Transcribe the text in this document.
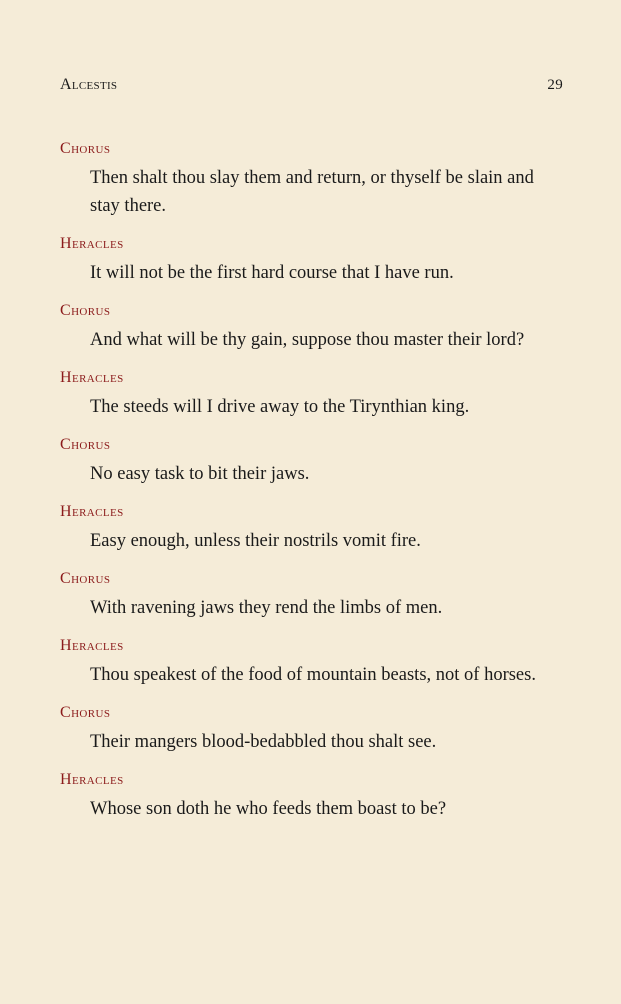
Alcestis	29
Chorus
Then shalt thou slay them and return, or thyself be slain and stay there.
Heracles
It will not be the first hard course that I have run.
Chorus
And what will be thy gain, suppose thou master their lord?
Heracles
The steeds will I drive away to the Tirynthian king.
Chorus
No easy task to bit their jaws.
Heracles
Easy enough, unless their nostrils vomit fire.
Chorus
With ravening jaws they rend the limbs of men.
Heracles
Thou speakest of the food of mountain beasts, not of horses.
Chorus
Their mangers blood-bedabbled thou shalt see.
Heracles
Whose son doth he who feeds them boast to be?
